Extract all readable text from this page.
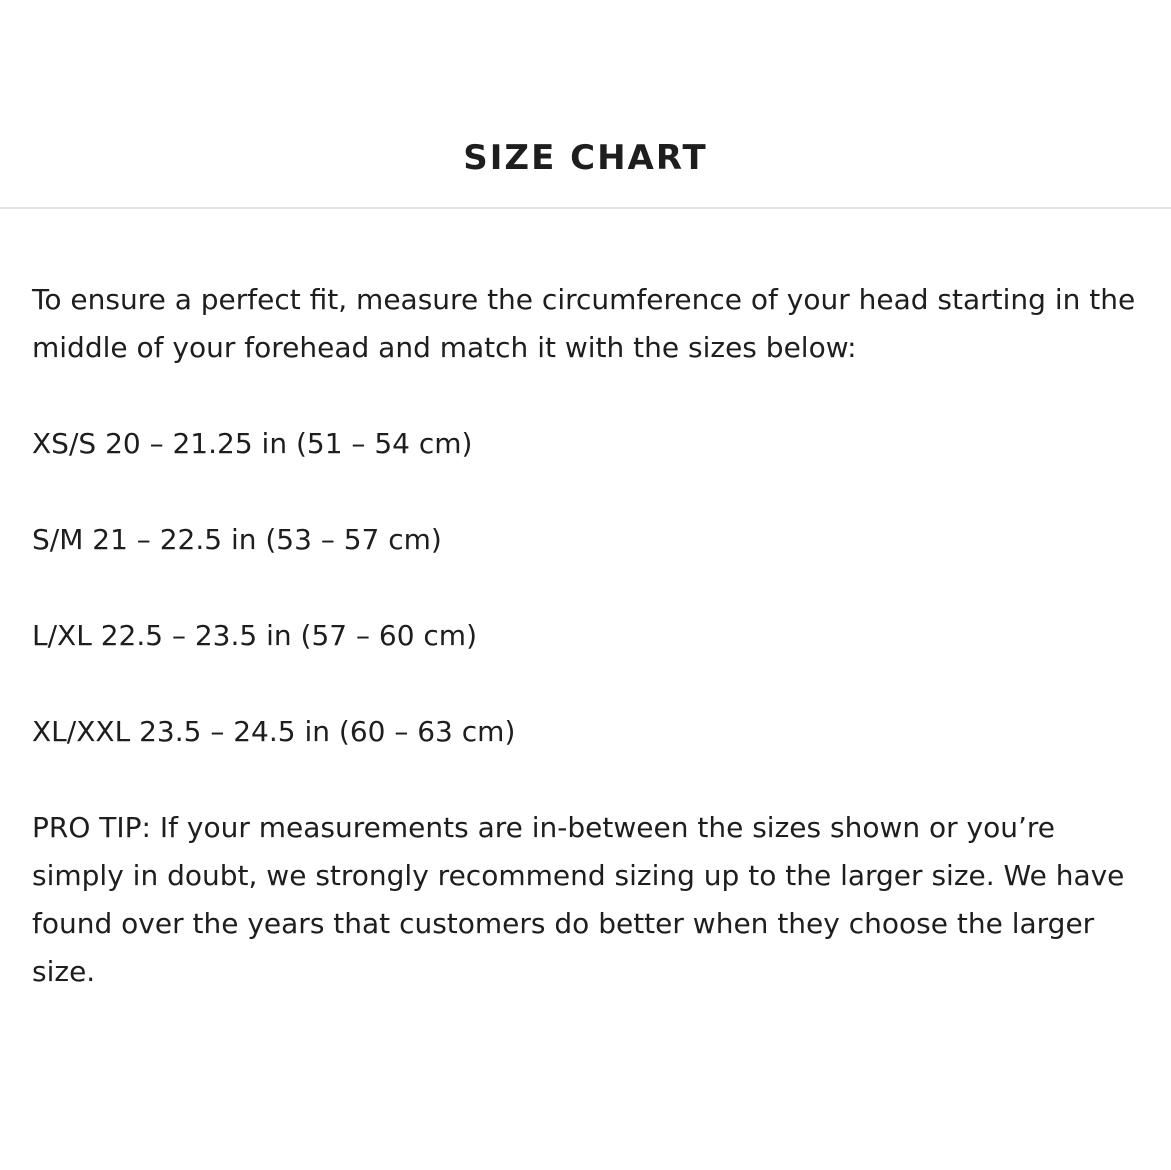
SIZE CHART

To ensure a perfect fit, measure the circumference of your head starting in the middle of your forehead and match it with the sizes below:

XS/S 20 – 21.25 in (51 – 54 cm)

S/M 21 – 22.5 in (53 – 57 cm)

L/XL 22.5 – 23.5 in (57 – 60 cm)

XL/XXL 23.5 – 24.5 in (60 – 63 cm)

PRO TIP: If your measurements are in-between the sizes shown or you’re simply in doubt, we strongly recommend sizing up to the larger size. We have found over the years that customers do better when they choose the larger size.
